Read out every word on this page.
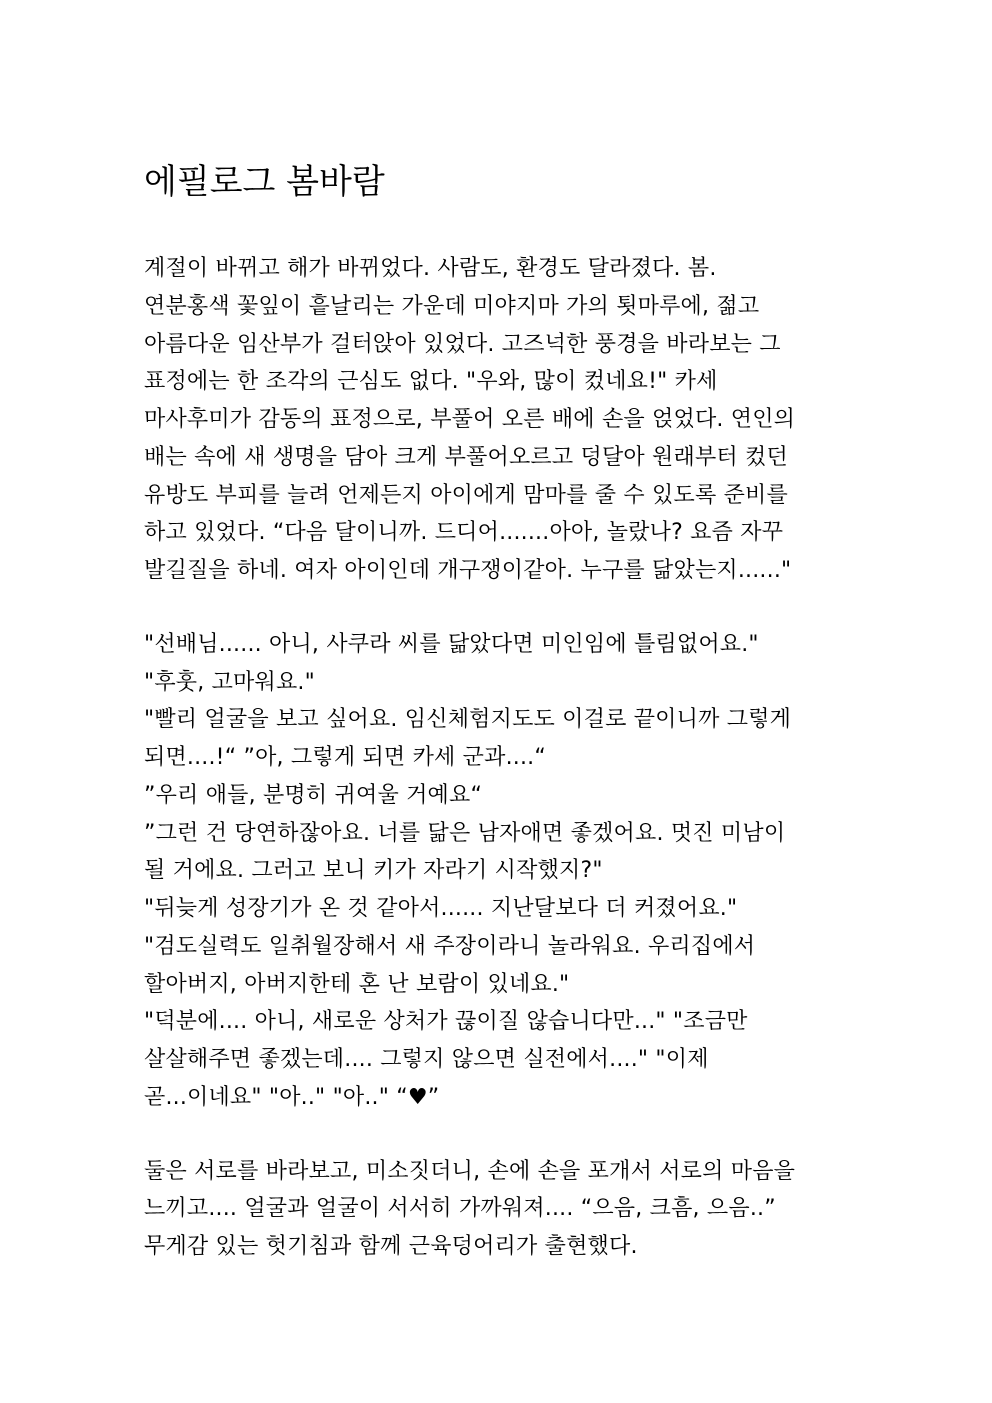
에필로그 봄바람

계절이 바뀌고 해가 바뀌었다. 사람도, 환경도 달라졌다. 봄.
연분홍색 꽃잎이 흩날리는 가운데 미야지마 가의 툇마루에, 젊고
아름다운 임산부가 걸터앉아 있었다. 고즈넉한 풍경을 바라보는 그
표정에는 한 조각의 근심도 없다. "우와, 많이 컸네요!" 카세
마사후미가 감동의 표정으로, 부풀어 오른 배에 손을 얹었다. 연인의
배는 속에 새 생명을 담아 크게 부풀어오르고 덩달아 원래부터 컸던
유방도 부피를 늘려 언제든지 아이에게 맘마를 줄 수 있도록 준비를
하고 있었다. “다음 달이니까. 드디어.......아아, 놀랐나? 요즘 자꾸
발길질을 하네. 여자 아이인데 개구쟁이같아. 누구를 닮았는지......"

"선배님...... 아니, 사쿠라 씨를 닮았다면 미인임에 틀림없어요."
"후훗, 고마워요."
"빨리 얼굴을 보고 싶어요. 임신체험지도도 이걸로 끝이니까 그렇게
되면....!“ ”아, 그렇게 되면 카세 군과....“
”우리 애들, 분명히 귀여울 거예요“
”그런 건 당연하잖아요. 너를 닮은 남자애면 좋겠어요. 멋진 미남이
될 거에요. 그러고 보니 키가 자라기 시작했지?"
"뒤늦게 성장기가 온 것 같아서...... 지난달보다 더 커졌어요."
"검도실력도 일취월장해서 새 주장이라니 놀라워요. 우리집에서
할아버지, 아버지한테 혼 난 보람이 있네요."
"덕분에.... 아니, 새로운 상처가 끊이질 않습니다만..." "조금만
살살해주면 좋겠는데.... 그렇지 않으면 실전에서...." "이제
곧...이네요" "아.." "아.." “♥”

둘은 서로를 바라보고, 미소짓더니, 손에 손을 포개서 서로의 마음을
느끼고.... 얼굴과 얼굴이 서서히 가까워져.... “으음, 크흠, 으음..”
무게감 있는 헛기침과 함께 근육덩어리가 출현했다.
